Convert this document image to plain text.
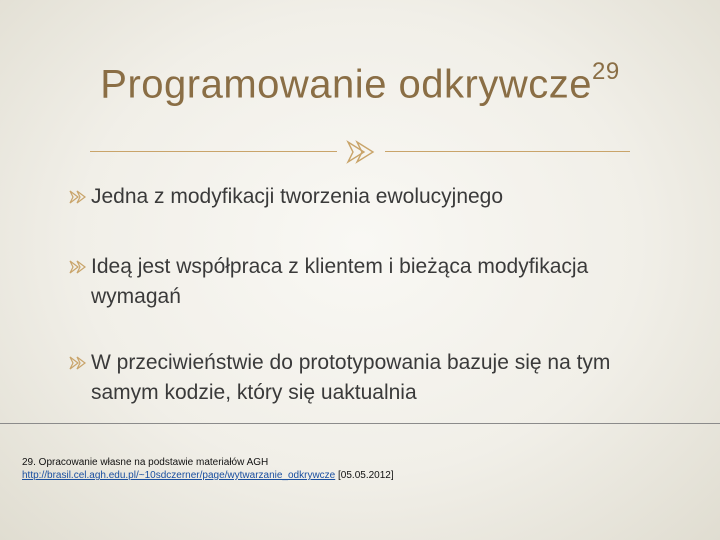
Programowanie odkrywcze$^{29}$
Jedna z modyfikacji tworzenia ewolucyjnego
Ideą jest współpraca z klientem i bieżąca modyfikacja wymagań
W przeciwieństwie do prototypowania bazuje się na tym samym kodzie, który się uaktualnia
29. Opracowanie własne na podstawie materiałów AGH
http://brasil.cel.agh.edu.pl/~10sdczerner/page/wytwarzanie_odkrywcze [05.05.2012]
